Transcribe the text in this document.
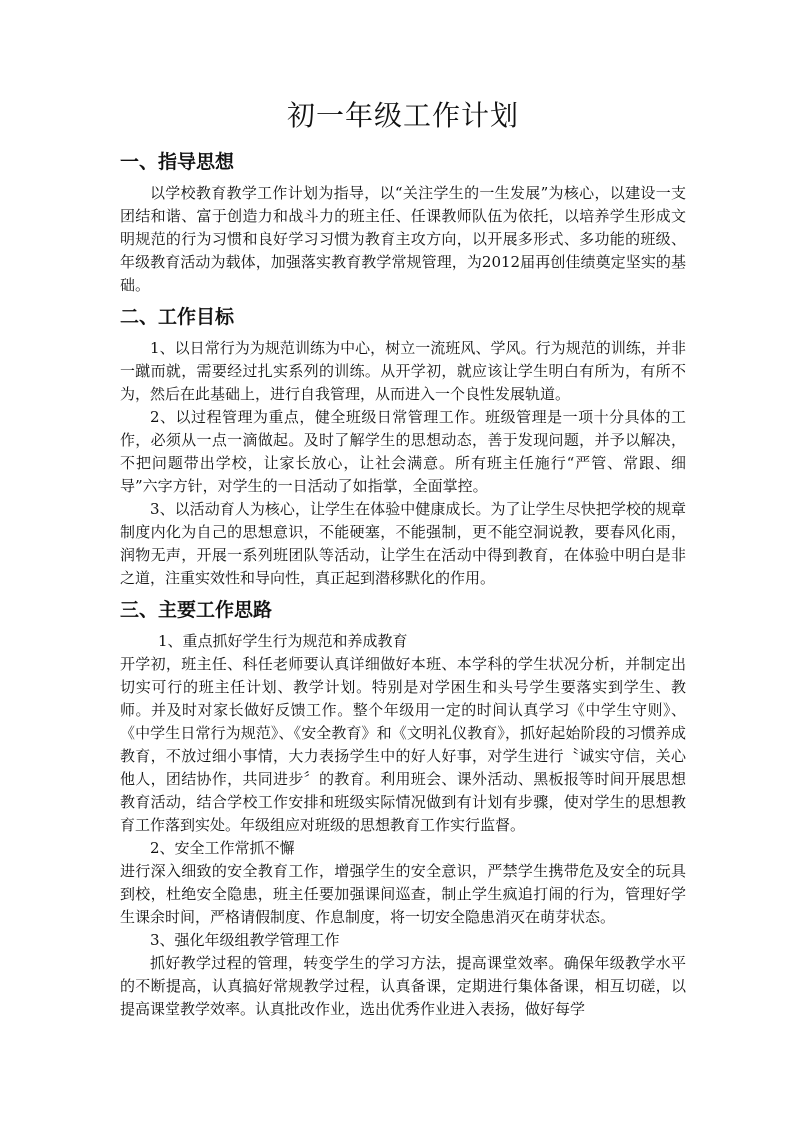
初一年级工作计划
一、指导思想

以学校教育教学工作计划为指导，以“关注学生的一生发展”为核心，以建设一支团结和谐、富于创造力和战斗力的班主任、任课教师队伍为依托，以培养学生形成文明规范的行为习惯和良好学习习惯为教育主攻方向，以开展多形式、多功能的班级、年级教育活动为载体，加强落实教育教学常规管理，为2012届再创佳绩奠定坚实的基础。

二、工作目标

1、以日常行为为规范训练为中心，树立一流班风、学风。行为规范的训练，并非一蹴而就，需要经过扎实系列的训练。从开学初，就应该让学生明白有所为，有所不为，然后在此基础上，进行自我管理，从而进入一个良性发展轨道。

2、以过程管理为重点，健全班级日常管理工作。班级管理是一项十分具体的工作，必须从一点一滴做起。及时了解学生的思想动态，善于发现问题，并予以解决，不把问题带出学校，让家长放心，让社会满意。所有班主任施行“严管、常跟、细导”六字方针，对学生的一日活动了如指掌，全面掌控。

3、以活动育人为核心，让学生在体验中健康成长。为了让学生尽快把学校的规章制度内化为自己的思想意识，不能硬塞，不能强制，更不能空洞说教，要春风化雨，润物无声，开展一系列班团队等活动，让学生在活动中得到教育，在体验中明白是非之道，注重实效性和导向性，真正起到潜移默化的作用。

三、主要工作思路

1、重点抓好学生行为规范和养成教育

开学初，班主任、科任老师要认真详细做好本班、本学科的学生状况分析，并制定出切实可行的班主任计划、教学计划。特别是对学困生和头号学生要落实到学生、教师。并及时对家长做好反馈工作。整个年级用一定的时间认真学习《中学生守则》、《中学生日常行为规范》、《安全教育》和《文明礼仪教育》，抓好起始阶段的习惯养成教育，不放过细小事情，大力表扬学生中的好人好事，对学生进行〝诚实守信，关心他人，团结协作，共同进步〞的教育。利用班会、课外活动、黑板报等时间开展思想教育活动，结合学校工作安排和班级实际情况做到有计划有步骤，使对学生的思想教育工作落到实处。年级组应对班级的思想教育工作实行监督。

2、安全工作常抓不懈

进行深入细致的安全教育工作，增强学生的安全意识，严禁学生携带危及安全的玩具到校，杜绝安全隐患，班主任要加强课间巡查，制止学生疯追打闹的行为，管理好学生课余时间，严格请假制度、作息制度，将一切安全隐患消灭在萌芽状态。

3、强化年级组教学管理工作

抓好教学过程的管理，转变学生的学习方法，提高课堂效率。确保年级教学水平的不断提高，认真搞好常规教学过程，认真备课，定期进行集体备课，相互切磋，以提高课堂教学效率。认真批改作业，选出优秀作业进入表扬，做好每学
